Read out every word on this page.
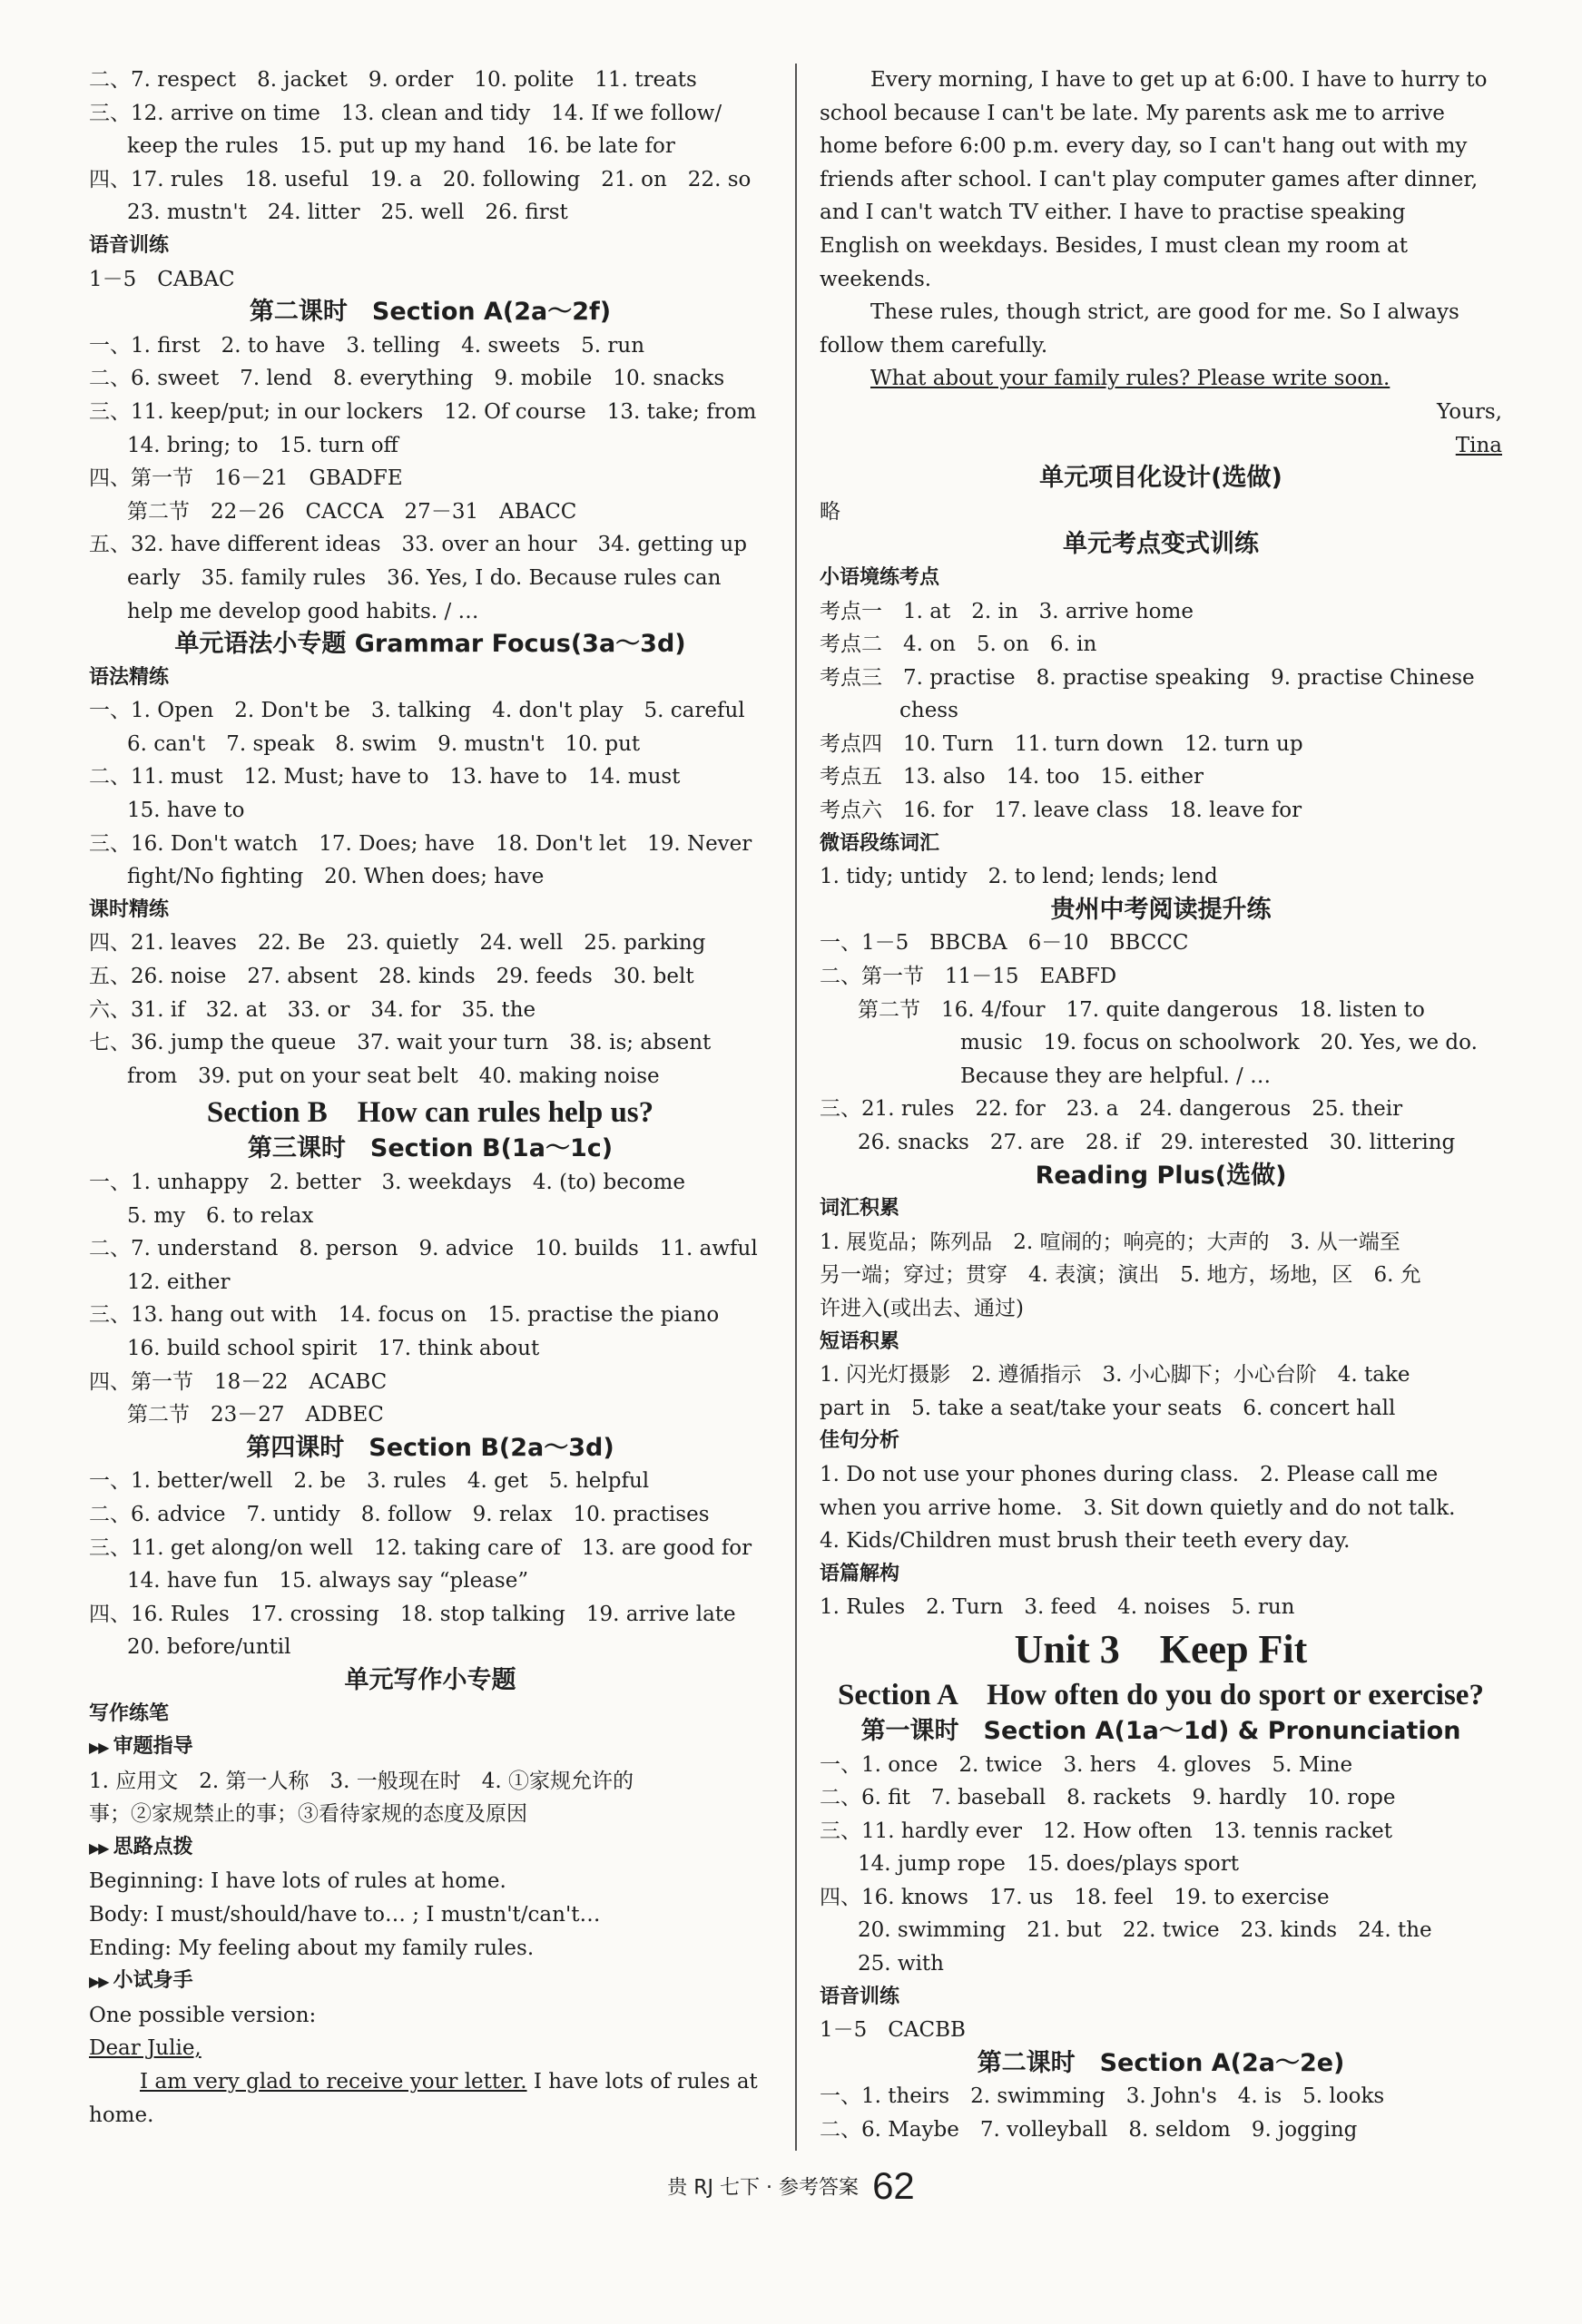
二、7. respect　8. jacket　9. order　10. polite　11. treats
三、12. arrive on time　13. clean and tidy　14. If we follow/
keep the rules　15. put up my hand　16. be late for
四、17. rules　18. useful　19. a　20. following　21. on　22. so
23. mustn't　24. litter　25. well　26. first
语音训练
1－5　CABAC
第二课时　Section A(2a～2f)
一、1. first　2. to have　3. telling　4. sweets　5. run
二、6. sweet　7. lend　8. everything　9. mobile　10. snacks
三、11. keep/put; in our lockers　12. Of course　13. take; from
14. bring; to　15. turn off
四、第一节　16－21　GBADFE
第二节　22－26　CACCA　27－31　ABACC
五、32. have different ideas　33. over an hour　34. getting up
early　35. family rules　36. Yes, I do. Because rules can
help me develop good habits. / …
单元语法小专题 Grammar Focus(3a～3d)
语法精练
一、1. Open　2. Don't be　3. talking　4. don't play　5. careful
6. can't　7. speak　8. swim　9. mustn't　10. put
二、11. must　12. Must; have to　13. have to　14. must
15. have to
三、16. Don't watch　17. Does; have　18. Don't let　19. Never
fight/No fighting　20. When does; have
课时精练
四、21. leaves　22. Be　23. quietly　24. well　25. parking
五、26. noise　27. absent　28. kinds　29. feeds　30. belt
六、31. if　32. at　33. or　34. for　35. the
七、36. jump the queue　37. wait your turn　38. is; absent
from　39. put on your seat belt　40. making noise
Section B　How can rules help us?
第三课时　Section B(1a～1c)
一、1. unhappy　2. better　3. weekdays　4. (to) become
5. my　6. to relax
二、7. understand　8. person　9. advice　10. builds　11. awful
12. either
三、13. hang out with　14. focus on　15. practise the piano
16. build school spirit　17. think about
四、第一节　18－22　ACABC
第二节　23－27　ADBEC
第四课时　Section B(2a～3d)
一、1. better/well　2. be　3. rules　4. get　5. helpful
二、6. advice　7. untidy　8. follow　9. relax　10. practises
三、11. get along/on well　12. taking care of　13. are good for
14. have fun　15. always say “please”
四、16. Rules　17. crossing　18. stop talking　19. arrive late
20. before/until
单元写作小专题
写作练笔
▶▶ 审题指导
1. 应用文　2. 第一人称　3. 一般现在时　4. ①家规允许的
事；②家规禁止的事；③看待家规的态度及原因
▶▶ 思路点拨
Beginning: I have lots of rules at home.
Body: I must/should/have to… ; I mustn't/can't…
Ending: My feeling about my family rules.
▶▶ 小试身手
One possible version:
Dear Julie,
I am very glad to receive your letter. I have lots of rules at
home.
Every morning, I have to get up at 6:00. I have to hurry to
school because I can't be late. My parents ask me to arrive
home before 6:00 p.m. every day, so I can't hang out with my
friends after school. I can't play computer games after dinner,
and I can't watch TV either. I have to practise speaking
English on weekdays. Besides, I must clean my room at
weekends.
These rules, though strict, are good for me. So I always
follow them carefully.
What about your family rules? Please write soon.
Yours,
Tina
单元项目化设计(选做)
略
单元考点变式训练
小语境练考点
考点一　1. at　2. in　3. arrive home
考点二　4. on　5. on　6. in
考点三　7. practise　8. practise speaking　9. practise Chinese
　　chess
考点四　10. Turn　11. turn down　12. turn up
考点五　13. also　14. too　15. either
考点六　16. for　17. leave class　18. leave for
微语段练词汇
1. tidy; untidy　2. to lend; lends; lend
贵州中考阅读提升练
一、1－5　BBCBA　6－10　BBCCC
二、第一节　11－15　EABFD
第二节　16. 4/four　17. quite dangerous　18. listen to
music　19. focus on schoolwork　20. Yes, we do.
Because they are helpful. / …
三、21. rules　22. for　23. a　24. dangerous　25. their
26. snacks　27. are　28. if　29. interested　30. littering
Reading Plus(选做)
词汇积累
1. 展览品；陈列品　2. 喧闹的；响亮的；大声的　3. 从一端至
另一端；穿过；贯穿　4. 表演；演出　5. 地方，场地，区　6. 允
许进入(或出去、通过)
短语积累
1. 闪光灯摄影　2. 遵循指示　3. 小心脚下；小心台阶　4. take
part in　5. take a seat/take your seats　6. concert hall
佳句分析
1. Do not use your phones during class.　2. Please call me
when you arrive home.　3. Sit down quietly and do not talk.
4. Kids/Children must brush their teeth every day.
语篇解构
1. Rules　2. Turn　3. feed　4. noises　5. run
Unit 3　Keep Fit
Section A　How often do you do sport or exercise?
第一课时　Section A(1a～1d) & Pronunciation
一、1. once　2. twice　3. hers　4. gloves　5. Mine
二、6. fit　7. baseball　8. rackets　9. hardly　10. rope
三、11. hardly ever　12. How often　13. tennis racket
14. jump rope　15. does/plays sport
四、16. knows　17. us　18. feel　19. to exercise
20. swimming　21. but　22. twice　23. kinds　24. the
25. with
语音训练
1－5　CACBB
第二课时　Section A(2a～2e)
一、1. theirs　2. swimming　3. John's　4. is　5. looks
二、6. Maybe　7. volleyball　8. seldom　9. jogging
贵 RJ 七下 · 参考答案 62
